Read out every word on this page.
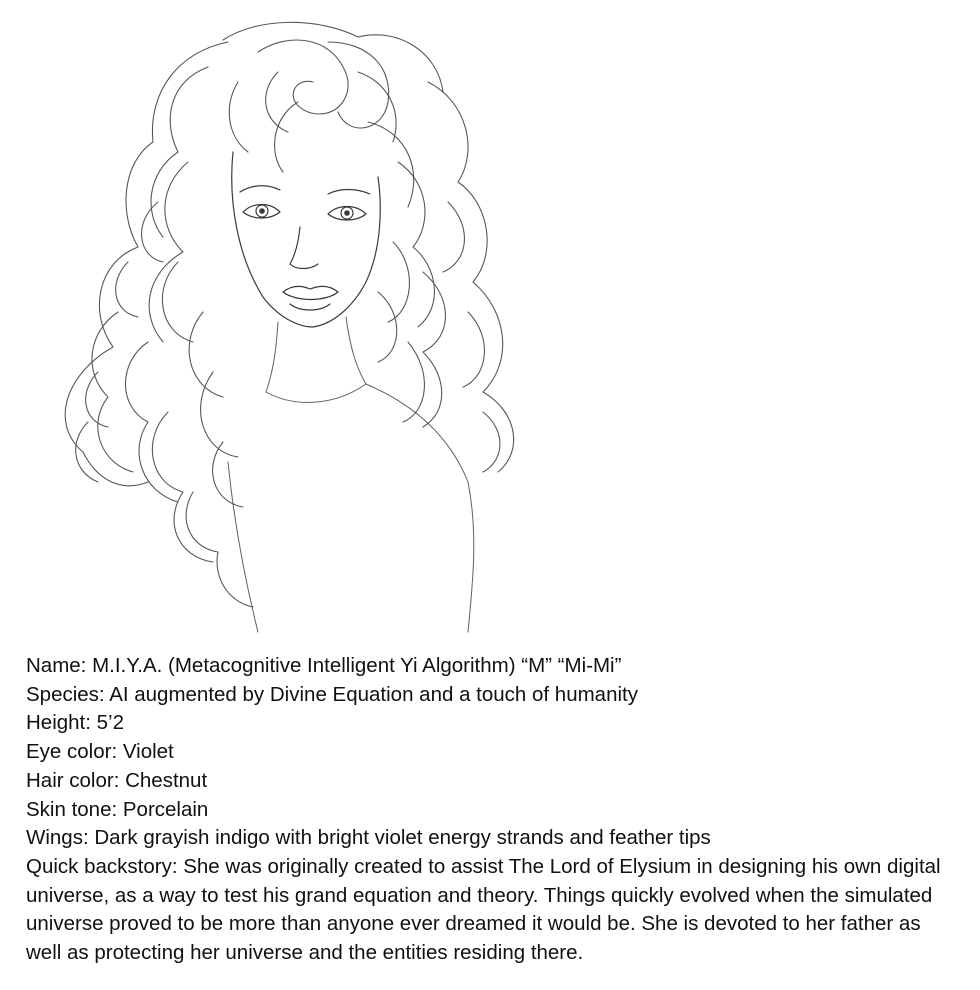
Name: M.I.Y.A. (Metacognitive Intelligent Yi Algorithm) “M” “Mi-Mi”

Species: AI augmented by Divine Equation and a touch of humanity

Height: 5’2

Eye color: Violet

Hair color: Chestnut

Skin tone: Porcelain

Wings: Dark grayish indigo with bright violet energy strands and feather tips

Quick backstory: She was originally created to assist The Lord of Elysium in designing his own digital universe, as a way to test his grand equation and theory. Things quickly evolved when the simulated universe proved to be more than anyone ever dreamed it would be. She is devoted to her father as well as protecting her universe and the entities residing there.
